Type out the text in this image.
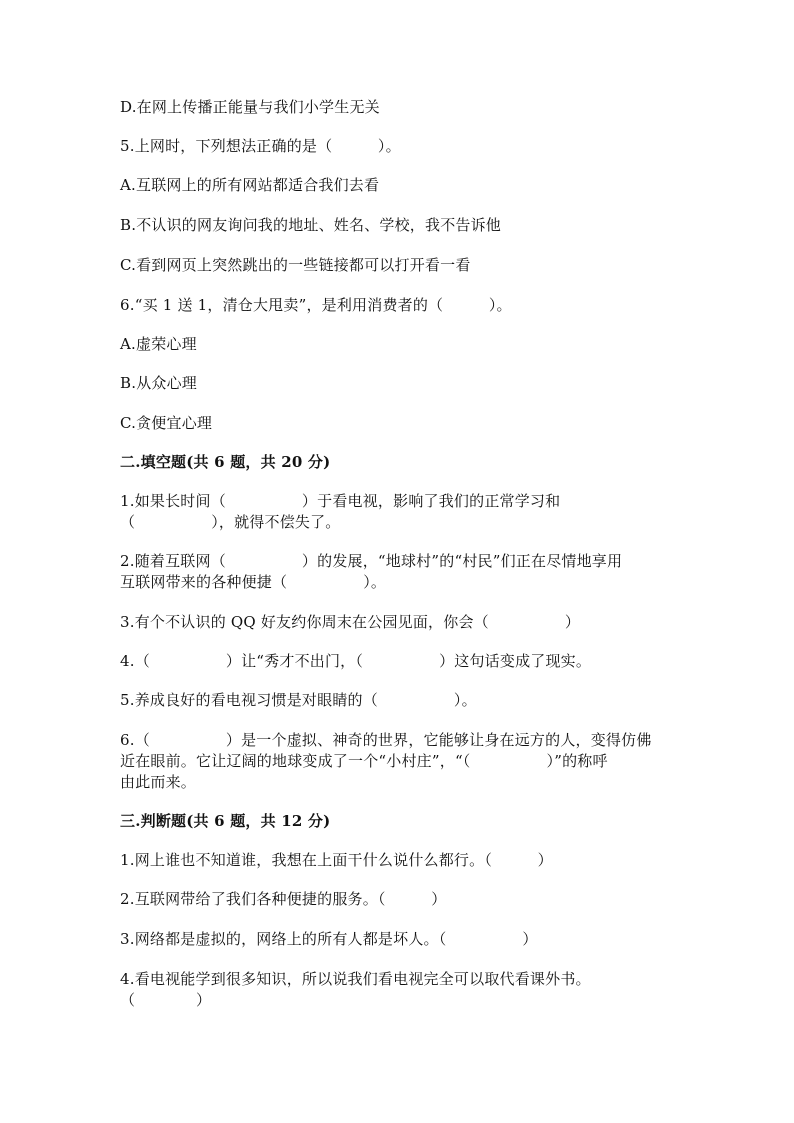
D.在网上传播正能量与我们小学生无关
5.上网时，下列想法正确的是（　　　）。
A.互联网上的所有网站都适合我们去看
B.不认识的网友询问我的地址、姓名、学校，我不告诉他
C.看到网页上突然跳出的一些链接都可以打开看一看
6.“买 1 送 1，清仓大甩卖”，是利用消费者的（　　　）。
A.虚荣心理
B.从众心理
C.贪便宜心理
二.填空题(共 6 题，共 20 分)
1.如果长时间（　　　　　）于看电视，影响了我们的正常学习和
（　　　　　），就得不偿失了。
2.随着互联网（　　　　　）的发展，“地球村”的“村民”们正在尽情地享用
互联网带来的各种便捷（　　　　　）。
3.有个不认识的 QQ 好友约你周末在公园见面，你会（　　　　　）
4.（　　　　　）让“秀才不出门，（　　　　　）这句话变成了现实。
5.养成良好的看电视习惯是对眼睛的（　　　　　）。
6.（　　　　　）是一个虚拟、神奇的世界，它能够让身在远方的人，变得仿佛
近在眼前。它让辽阔的地球变成了一个“小村庄”，“（　　　　　）”的称呼
由此而来。
三.判断题(共 6 题，共 12 分)
1.网上谁也不知道谁，我想在上面干什么说什么都行。（　　　）
2.互联网带给了我们各种便捷的服务。（　　　）
3.网络都是虚拟的，网络上的所有人都是坏人。（　　　　　）
4.看电视能学到很多知识，所以说我们看电视完全可以取代看课外书。
（　　　　）
